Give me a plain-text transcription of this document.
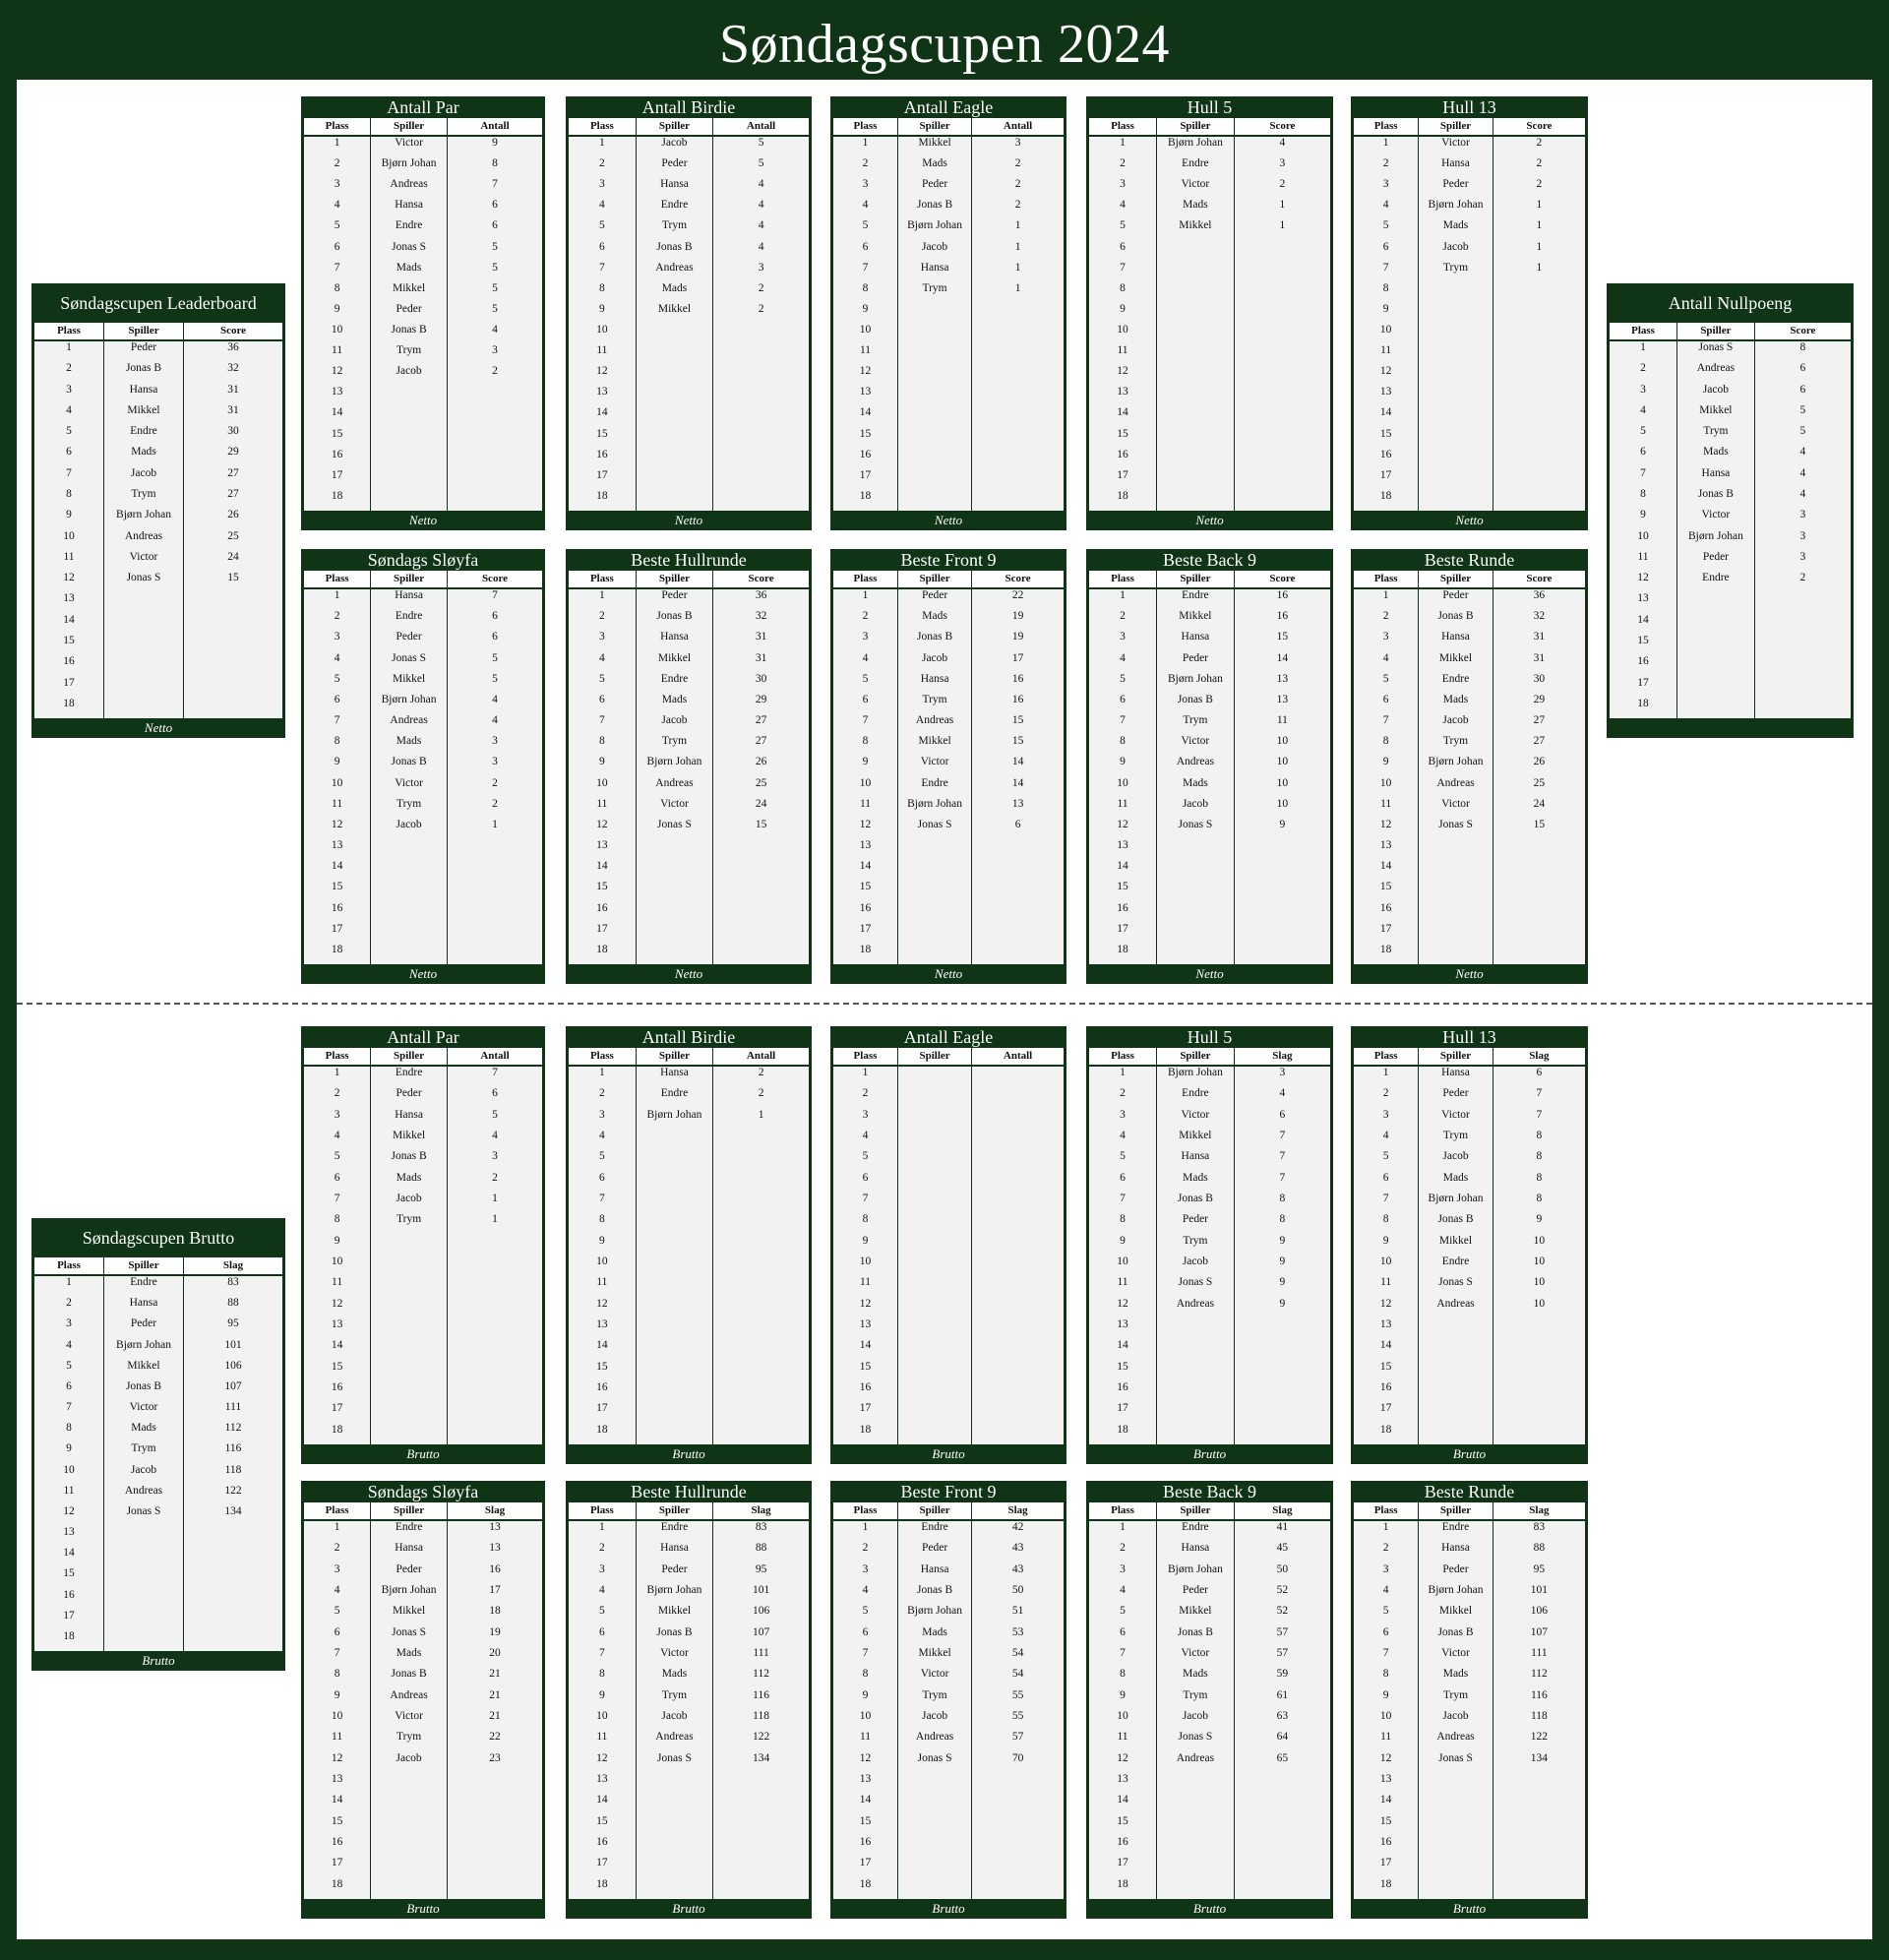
Søndagscupen 2024
Søndagscupen Leaderboard
Plass	Spiller	Score
1	Peder	36
2	Jonas B	32
3	Hansa	31
4	Mikkel	31
5	Endre	30
6	Mads	29
7	Jacob	27
8	Trym	27
9	Bjørn Johan	26
10	Andreas	25
11	Victor	24
12	Jonas S	15
13
14
15
16
17
18
Netto
Antall Nullpoeng
Plass	Spiller	Score
1	Jonas S	8
2	Andreas	6
3	Jacob	6
4	Mikkel	5
5	Trym	5
6	Mads	4
7	Hansa	4
8	Jonas B	4
9	Victor	3
10	Bjørn Johan	3
11	Peder	3
12	Endre	2
13
14
15
16
17
18
Søndagscupen Brutto
Plass	Spiller	Slag
1	Endre	83
2	Hansa	88
3	Peder	95
4	Bjørn Johan	101
5	Mikkel	106
6	Jonas B	107
7	Victor	111
8	Mads	112
9	Trym	116
10	Jacob	118
11	Andreas	122
12	Jonas S	134
13
14
15
16
17
18
Brutto
Antall Par
Plass	Spiller	Antall
1	Victor	9
2	Bjørn Johan	8
3	Andreas	7
4	Hansa	6
5	Endre	6
6	Jonas S	5
7	Mads	5
8	Mikkel	5
9	Peder	5
10	Jonas B	4
11	Trym	3
12	Jacob	2
13
14
15
16
17
18
Netto
Antall Birdie
Plass	Spiller	Antall
1	Jacob	5
2	Peder	5
3	Hansa	4
4	Endre	4
5	Trym	4
6	Jonas B	4
7	Andreas	3
8	Mads	2
9	Mikkel	2
10
11
12
13
14
15
16
17
18
Netto
Antall Eagle
Plass	Spiller	Antall
1	Mikkel	3
2	Mads	2
3	Peder	2
4	Jonas B	2
5	Bjørn Johan	1
6	Jacob	1
7	Hansa	1
8	Trym	1
9
10
11
12
13
14
15
16
17
18
Netto
Hull 5
Plass	Spiller	Score
1	Bjørn Johan	4
2	Endre	3
3	Victor	2
4	Mads	1
5	Mikkel	1
6
7
8
9
10
11
12
13
14
15
16
17
18
Netto
Hull 13
Plass	Spiller	Score
1	Victor	2
2	Hansa	2
3	Peder	2
4	Bjørn Johan	1
5	Mads	1
6	Jacob	1
7	Trym	1
8
9
10
11
12
13
14
15
16
17
18
Netto
Søndags Sløyfa
Plass	Spiller	Score
1	Hansa	7
2	Endre	6
3	Peder	6
4	Jonas S	5
5	Mikkel	5
6	Bjørn Johan	4
7	Andreas	4
8	Mads	3
9	Jonas B	3
10	Victor	2
11	Trym	2
12	Jacob	1
13
14
15
16
17
18
Netto
Beste Hullrunde
Plass	Spiller	Score
1	Peder	36
2	Jonas B	32
3	Hansa	31
4	Mikkel	31
5	Endre	30
6	Mads	29
7	Jacob	27
8	Trym	27
9	Bjørn Johan	26
10	Andreas	25
11	Victor	24
12	Jonas S	15
13
14
15
16
17
18
Netto
Beste Front 9
Plass	Spiller	Score
1	Peder	22
2	Mads	19
3	Jonas B	19
4	Jacob	17
5	Hansa	16
6	Trym	16
7	Andreas	15
8	Mikkel	15
9	Victor	14
10	Endre	14
11	Bjørn Johan	13
12	Jonas S	6
13
14
15
16
17
18
Netto
Beste Back 9
Plass	Spiller	Score
1	Endre	16
2	Mikkel	16
3	Hansa	15
4	Peder	14
5	Bjørn Johan	13
6	Jonas B	13
7	Trym	11
8	Victor	10
9	Andreas	10
10	Mads	10
11	Jacob	10
12	Jonas S	9
13
14
15
16
17
18
Netto
Beste Runde
Plass	Spiller	Score
1	Peder	36
2	Jonas B	32
3	Hansa	31
4	Mikkel	31
5	Endre	30
6	Mads	29
7	Jacob	27
8	Trym	27
9	Bjørn Johan	26
10	Andreas	25
11	Victor	24
12	Jonas S	15
13
14
15
16
17
18
Netto
Antall Par
Plass	Spiller	Antall
1	Endre	7
2	Peder	6
3	Hansa	5
4	Mikkel	4
5	Jonas B	3
6	Mads	2
7	Jacob	1
8	Trym	1
9
10
11
12
13
14
15
16
17
18
Brutto
Antall Birdie
Plass	Spiller	Antall
1	Hansa	2
2	Endre	2
3	Bjørn Johan	1
4
5
6
7
8
9
10
11
12
13
14
15
16
17
18
Brutto
Antall Eagle
Plass	Spiller	Antall
1
2
3
4
5
6
7
8
9
10
11
12
13
14
15
16
17
18
Brutto
Hull 5
Plass	Spiller	Slag
1	Bjørn Johan	3
2	Endre	4
3	Victor	6
4	Mikkel	7
5	Hansa	7
6	Mads	7
7	Jonas B	8
8	Peder	8
9	Trym	9
10	Jacob	9
11	Jonas S	9
12	Andreas	9
13
14
15
16
17
18
Brutto
Hull 13
Plass	Spiller	Slag
1	Hansa	6
2	Peder	7
3	Victor	7
4	Trym	8
5	Jacob	8
6	Mads	8
7	Bjørn Johan	8
8	Jonas B	9
9	Mikkel	10
10	Endre	10
11	Jonas S	10
12	Andreas	10
13
14
15
16
17
18
Brutto
Søndags Sløyfa
Plass	Spiller	Slag
1	Endre	13
2	Hansa	13
3	Peder	16
4	Bjørn Johan	17
5	Mikkel	18
6	Jonas S	19
7	Mads	20
8	Jonas B	21
9	Andreas	21
10	Victor	21
11	Trym	22
12	Jacob	23
13
14
15
16
17
18
Brutto
Beste Hullrunde
Plass	Spiller	Slag
1	Endre	83
2	Hansa	88
3	Peder	95
4	Bjørn Johan	101
5	Mikkel	106
6	Jonas B	107
7	Victor	111
8	Mads	112
9	Trym	116
10	Jacob	118
11	Andreas	122
12	Jonas S	134
13
14
15
16
17
18
Brutto
Beste Front 9
Plass	Spiller	Slag
1	Endre	42
2	Peder	43
3	Hansa	43
4	Jonas B	50
5	Bjørn Johan	51
6	Mads	53
7	Mikkel	54
8	Victor	54
9	Trym	55
10	Jacob	55
11	Andreas	57
12	Jonas S	70
13
14
15
16
17
18
Brutto
Beste Back 9
Plass	Spiller	Slag
1	Endre	41
2	Hansa	45
3	Bjørn Johan	50
4	Peder	52
5	Mikkel	52
6	Jonas B	57
7	Victor	57
8	Mads	59
9	Trym	61
10	Jacob	63
11	Jonas S	64
12	Andreas	65
13
14
15
16
17
18
Brutto
Beste Runde
Plass	Spiller	Slag
1	Endre	83
2	Hansa	88
3	Peder	95
4	Bjørn Johan	101
5	Mikkel	106
6	Jonas B	107
7	Victor	111
8	Mads	112
9	Trym	116
10	Jacob	118
11	Andreas	122
12	Jonas S	134
13
14
15
16
17
18
Brutto
